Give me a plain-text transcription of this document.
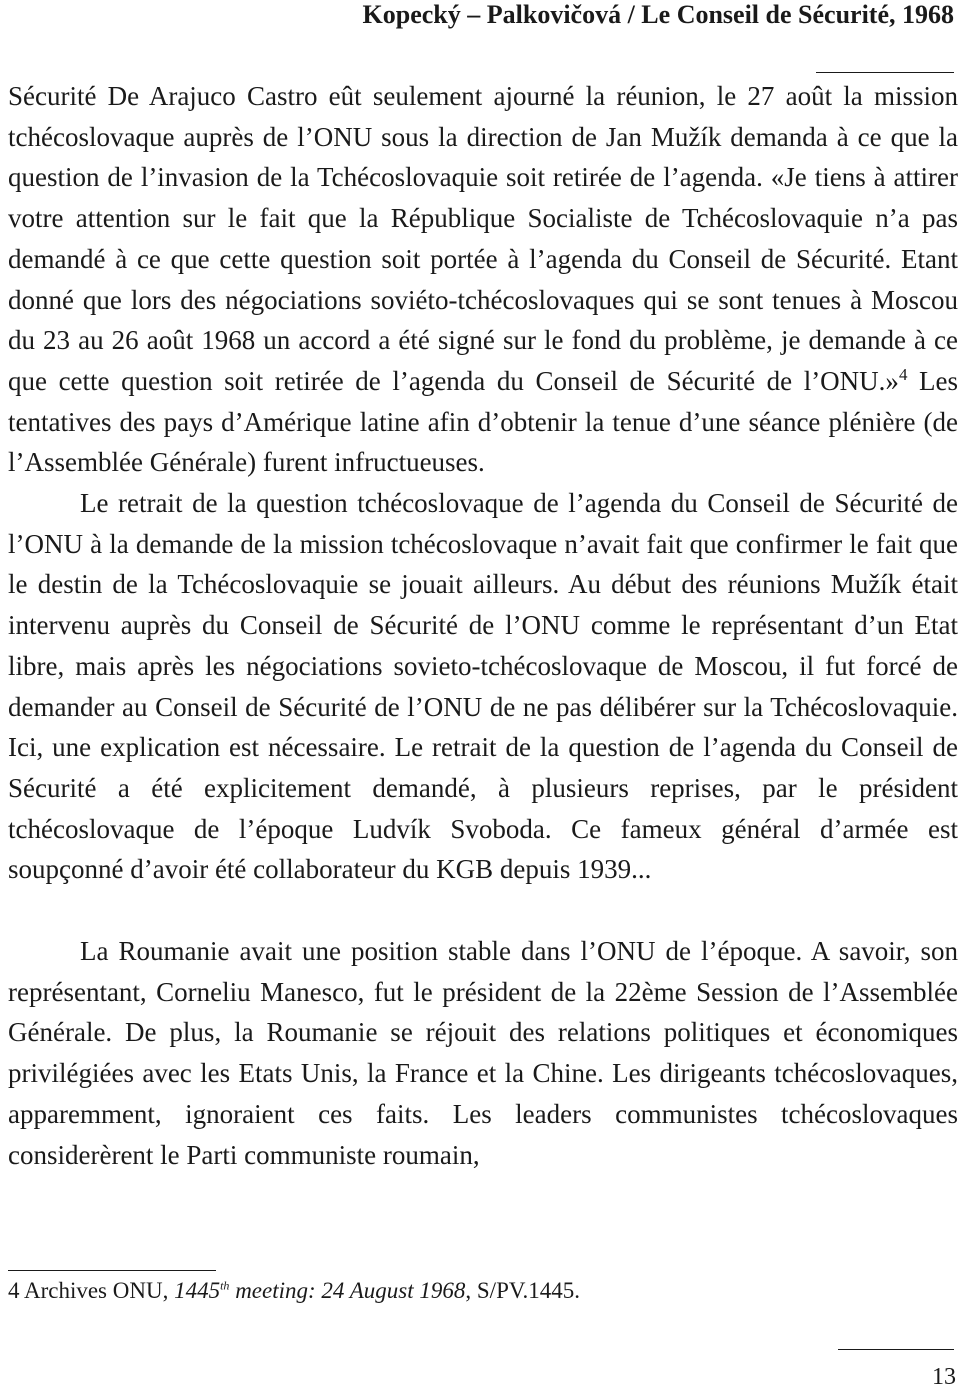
Kopecký – Palkovičová / Le Conseil de Sécurité, 1968

Sécurité De Arajuco Castro eût seulement ajourné la réunion, le 27 août la mission tchécoslovaque auprès de l’ONU sous la direction de Jan Mužík demanda à ce que la question de l’invasion de la Tchécoslovaquie soit retirée de l’agenda. «Je tiens à attirer votre attention sur le fait que la République Socialiste de Tchécoslovaquie n’a pas demandé à ce que cette question soit portée à l’agenda du Conseil de Sécurité. Etant donné que lors des négociations soviéto-tchécoslovaques qui se sont tenues à Moscou du 23 au 26 août 1968 un accord a été signé sur le fond du problème, je demande à ce que cette question soit retirée de l’agenda du Conseil de Sécurité de l’ONU.»$^4$ Les tentatives des pays d’Amérique latine afin d’obtenir la tenue d’une séance plénière (de l’Assemblée Générale) furent infructueuses.

Le retrait de la question tchécoslovaque de l’agenda du Conseil de Sécurité de l’ONU à la demande de la mission tchécoslovaque n’avait fait que confirmer le fait que le destin de la Tchécoslovaquie se jouait ailleurs. Au début des réunions Mužík était intervenu auprès du Conseil de Sécurité de l’ONU comme le représentant d’un Etat libre, mais après les négociations sovieto-tchécoslovaque de Moscou, il fut forcé de demander au Conseil de Sécurité de l’ONU de ne pas délibérer sur la Tchécoslovaquie. Ici, une explication est nécessaire. Le retrait de la question de l’agenda du Conseil de Sécurité a été explicitement demandé, à plusieurs reprises, par le président tchécoslovaque de l’époque Ludvík Svoboda. Ce fameux général d’armée est soupçonné d’avoir été collaborateur du KGB depuis 1939...

La Roumanie avait une position stable dans l’ONU de l’époque. A savoir, son représentant, Corneliu Manesco, fut le président de la 22ème Session de l’Assemblée Générale. De plus, la Roumanie se réjouit des relations politiques et économiques privilégiées avec les Etats Unis, la France et la Chine. Les dirigeants tchécoslovaques, apparemment, ignoraient ces faits. Les leaders communistes tchécoslovaques considerèrent le Parti communiste roumain,

4 Archives ONU, 1445th meeting: 24 August 1968, S/PV.1445.
13
